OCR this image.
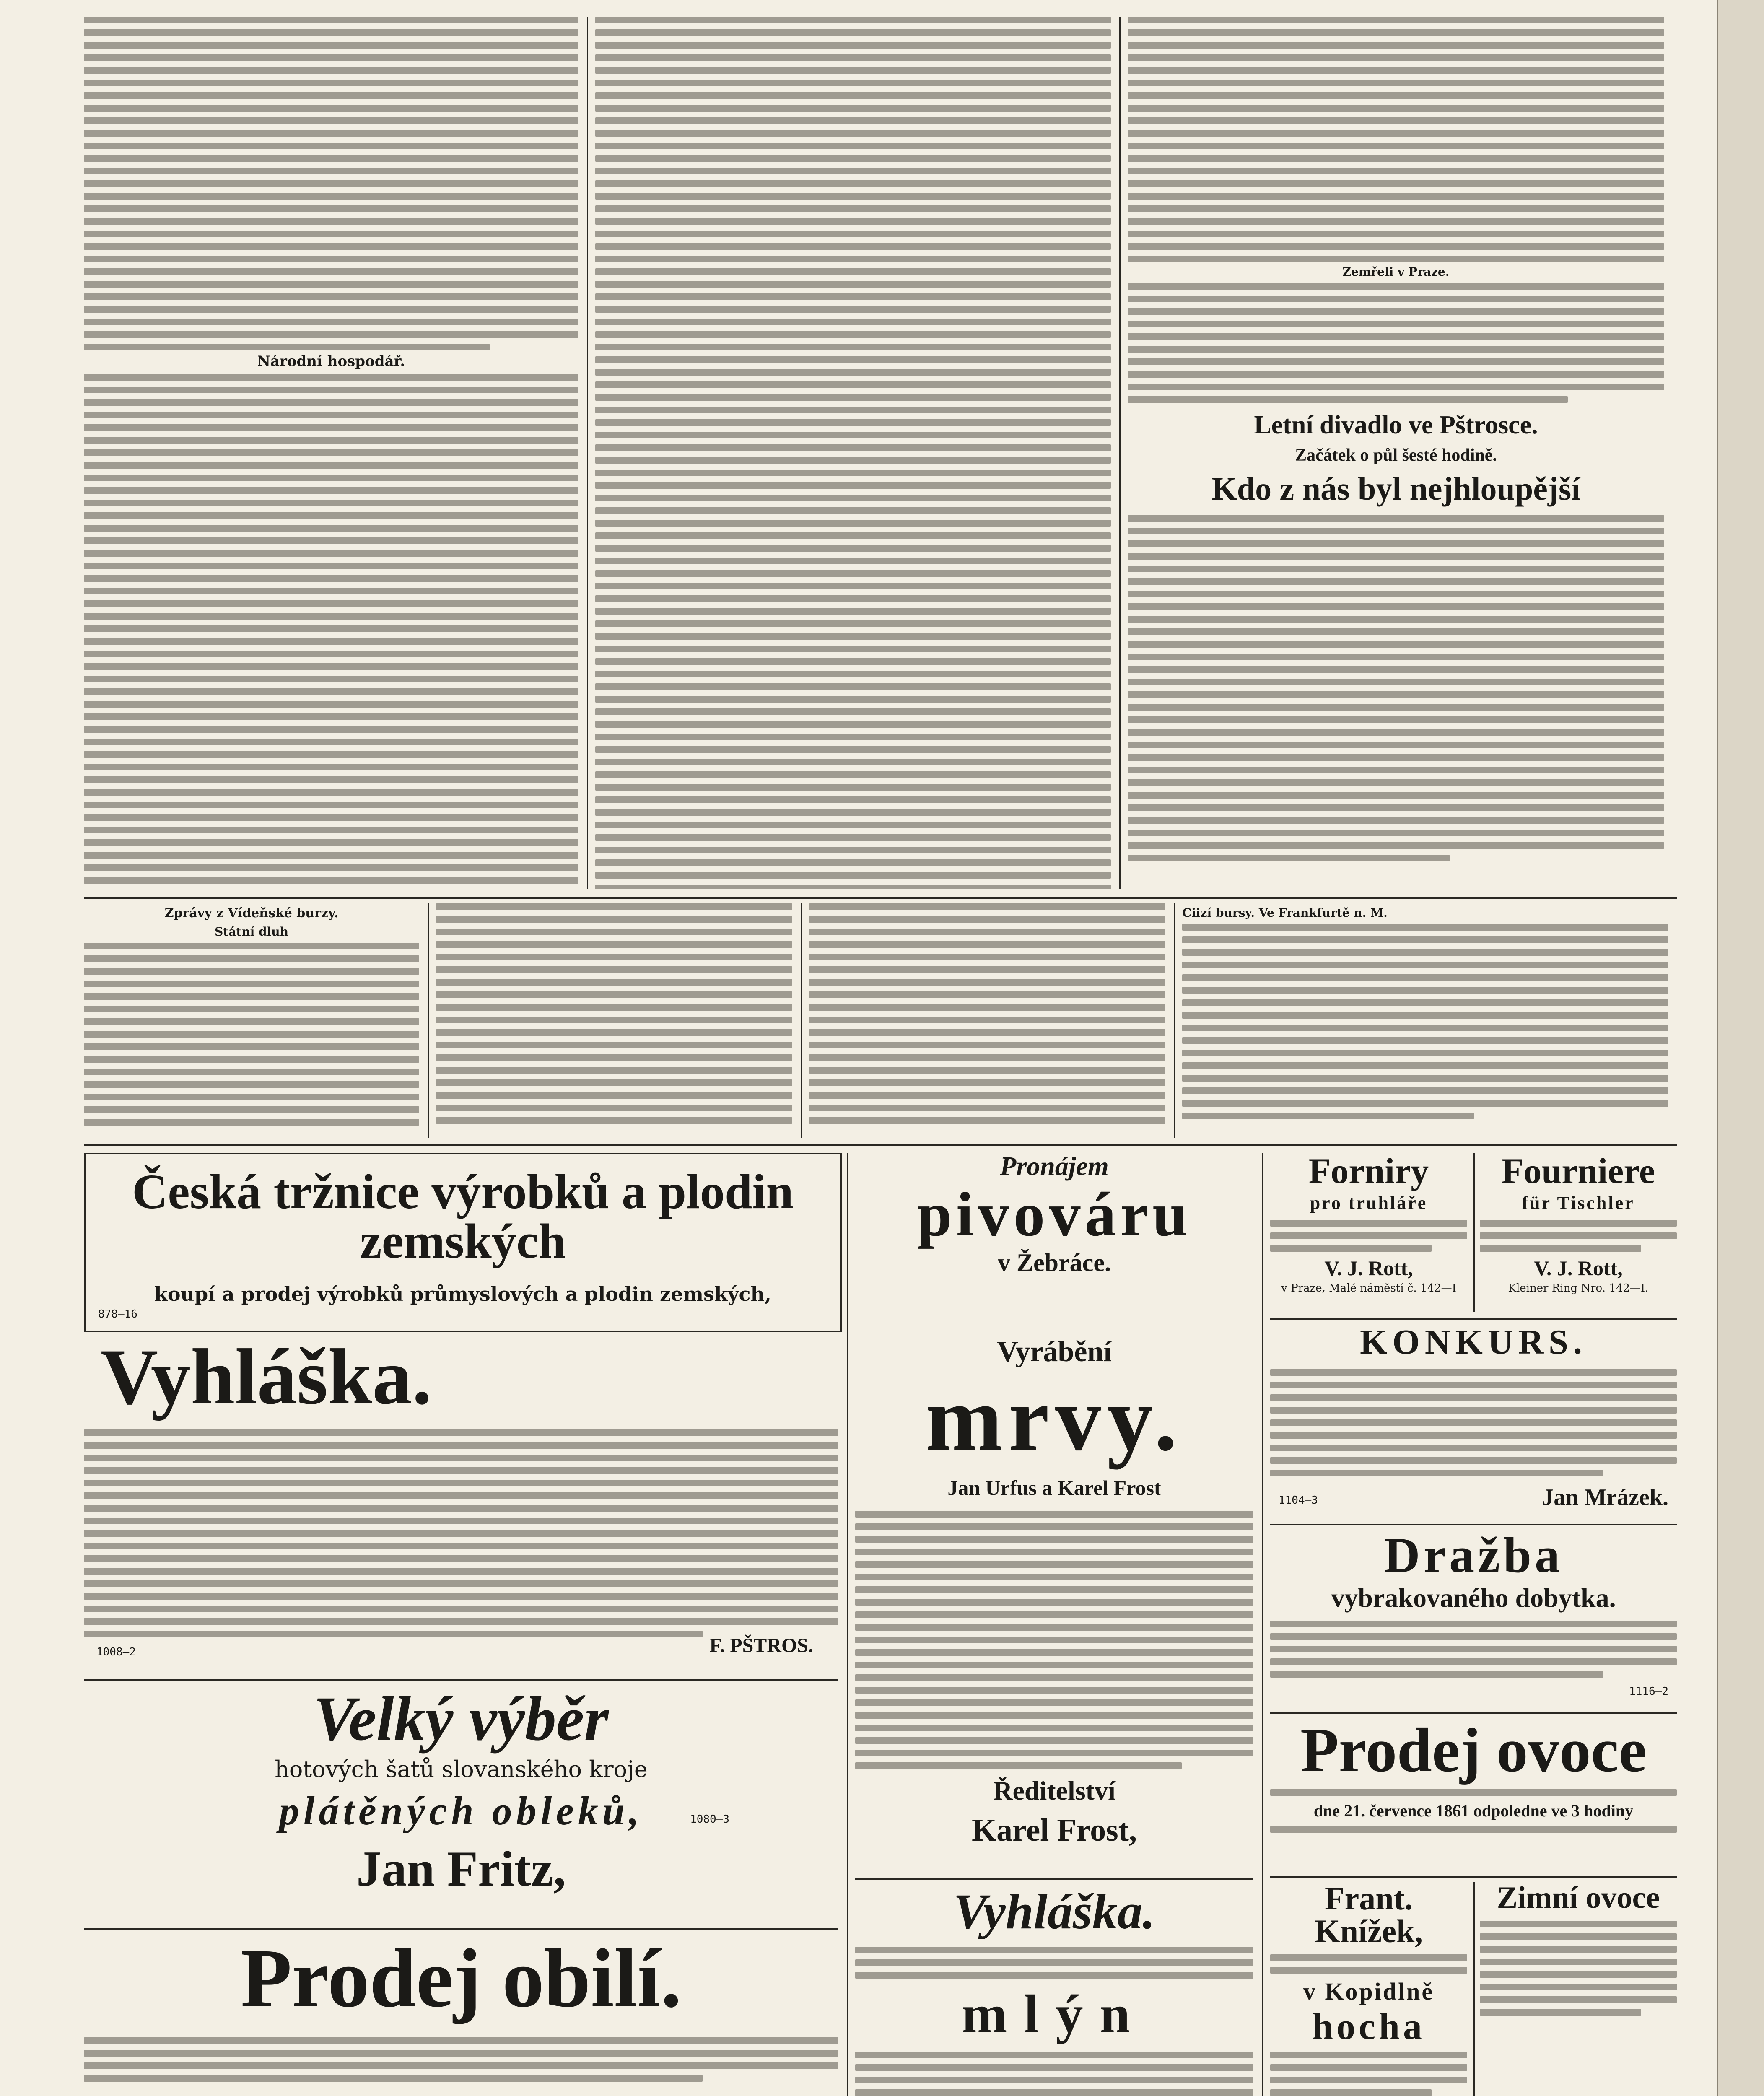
Národní hospodář.
Zemřeli v Praze.
Letní divadlo ve Pštrosce.
Začátek o půl šesté hodině.
Kdo z nás byl nejhloupější
Zprávy z Vídeňské burzy.
Státní dluh
Ciizí bursy. Ve Frankfurtě n. M.
Česká tržnice výrobků a plodin zemských
koupí a prodej výrobků průmyslových a plodin zemských,
878—16
Vyhláška.
F. PŠTROS.
1008—2
Velký výběr
hotových šatů slovanského kroje
plátěných obleků,
Jan Fritz,
1080—3
Prodej obilí.
Vyrábění
mrvy.
Jan Urfus a Karel Frost
Ředitelství
Karel Frost,
Vyhláška.
mlýn
Forniry
pro truhláře
V. J. Rott,
v Praze, Malé náměstí č. 142—I
Fourniere
für Tischler
V. J. Rott,
Kleiner Ring Nro. 142—I.
KONKURS.
Jan Mrázek.
1104—3
Dražba
vybrakovaného dobytka.
1116—2
Prodej ovoce
dne 21. července 1861 odpoledne ve 3 hodiny
Frant. Knížek,
v Kopidlně
hocha
Zimní ovoce
Pronájem
pivováru
v Žebráce.
